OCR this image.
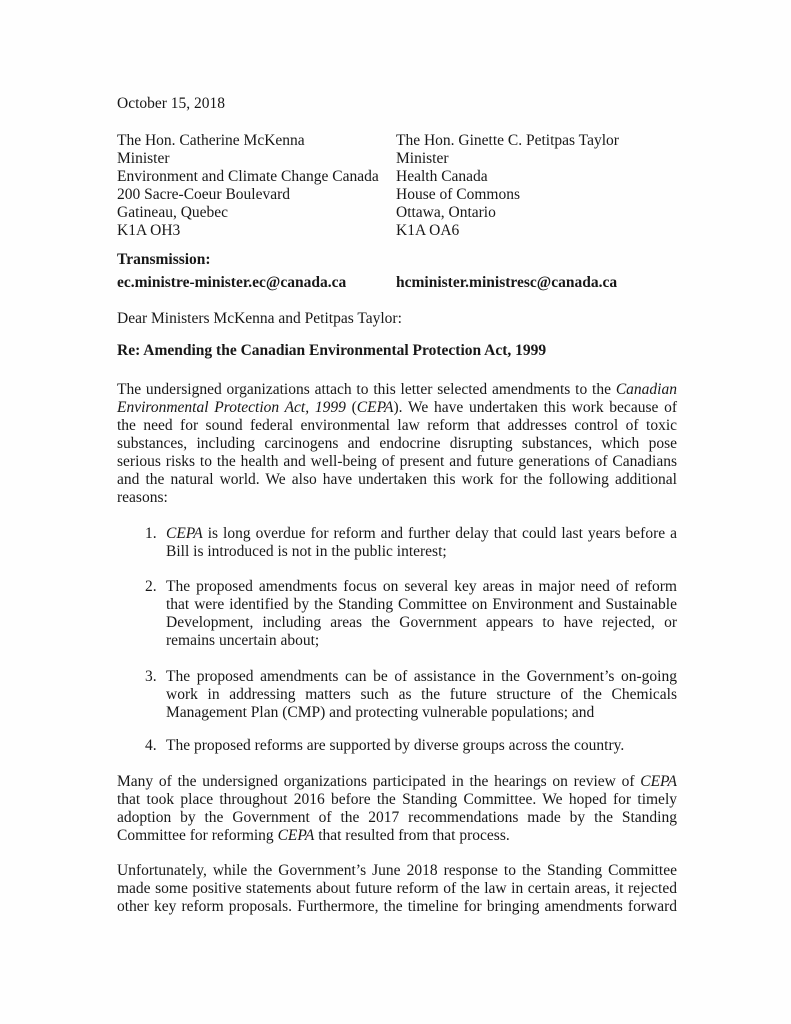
October 15, 2018

The Hon. Catherine McKenna

Minister

Environment and Climate Change Canada

200 Sacre-Coeur Boulevard

Gatineau, Quebec

K1A OH3

The Hon. Ginette C. Petitpas Taylor

Minister

Health Canada

House of Commons

Ottawa, Ontario

K1A OA6

Transmission:

ec.ministre-minister.ec@canada.ca	hcminister.ministresc@canada.ca

Dear Ministers McKenna and Petitpas Taylor:

Re: Amending the Canadian Environmental Protection Act, 1999

The undersigned organizations attach to this letter selected amendments to the Canadian Environmental Protection Act, 1999 (CEPA). We have undertaken this work because of the need for sound federal environmental law reform that addresses control of toxic substances, including carcinogens and endocrine disrupting substances, which pose serious risks to the health and well-being of present and future generations of Canadians and the natural world. We also have undertaken this work for the following additional reasons:

1. CEPA is long overdue for reform and further delay that could last years before a Bill is introduced is not in the public interest;
2. The proposed amendments focus on several key areas in major need of reform that were identified by the Standing Committee on Environment and Sustainable Development, including areas the Government appears to have rejected, or remains uncertain about;
3. The proposed amendments can be of assistance in the Government’s on-going work in addressing matters such as the future structure of the Chemicals Management Plan (CMP) and protecting vulnerable populations; and
4. The proposed reforms are supported by diverse groups across the country.

Many of the undersigned organizations participated in the hearings on review of CEPA that took place throughout 2016 before the Standing Committee. We hoped for timely adoption by the Government of the 2017 recommendations made by the Standing Committee for reforming CEPA that resulted from that process.

Unfortunately, while the Government’s June 2018 response to the Standing Committee made some positive statements about future reform of the law in certain areas, it rejected other key reform proposals. Furthermore, the timeline for bringing amendments forward
